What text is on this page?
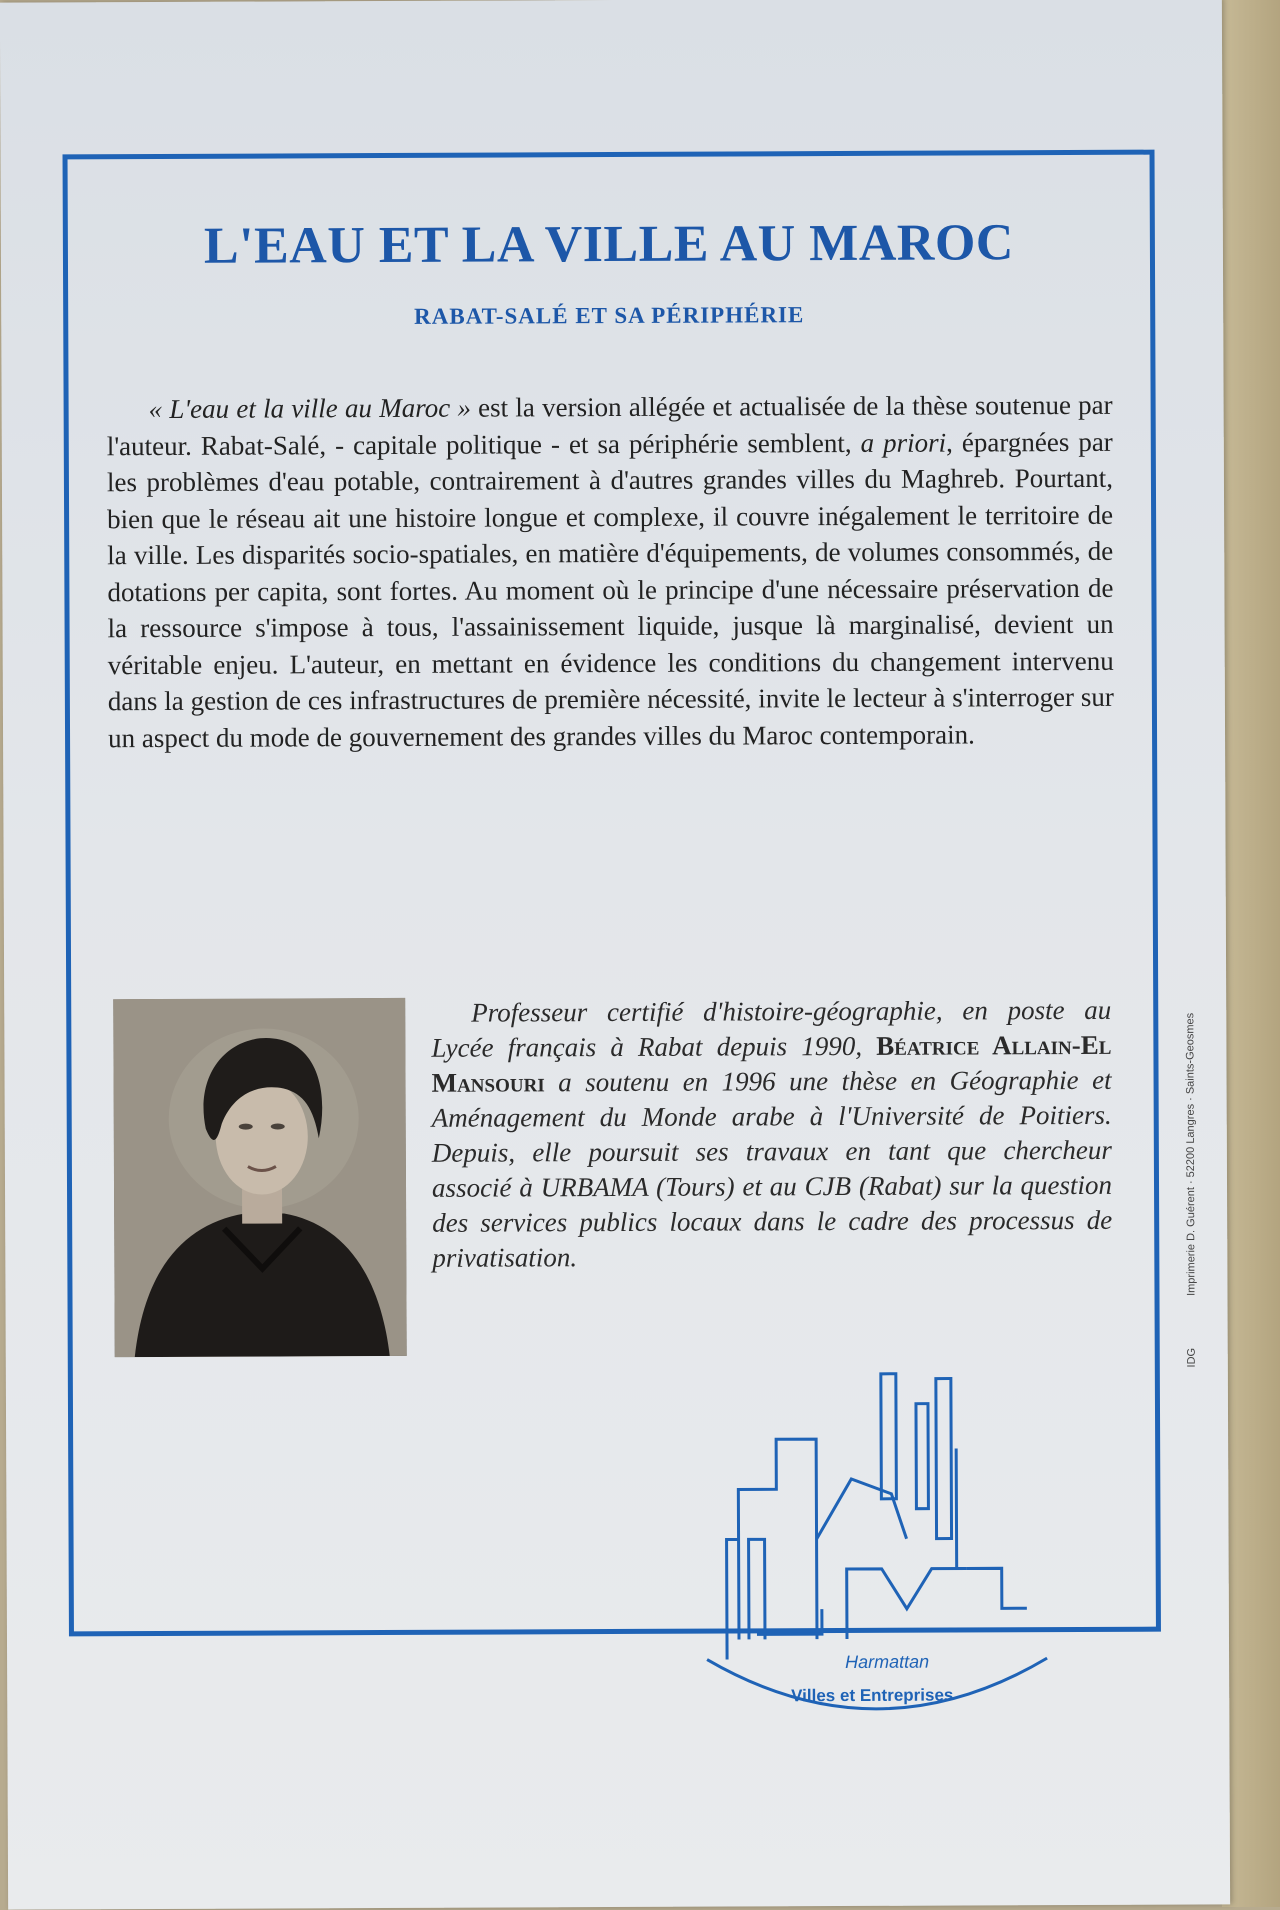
L'EAU ET LA VILLE AU MAROC
RABAT-SALÉ ET SA PÉRIPHÉRIE

« L'eau et la ville au Maroc » est la version allégée et actualisée de la thèse soutenue par l'auteur. Rabat-Salé, - capitale politique - et sa périphérie semblent, a priori, épargnées par les problèmes d'eau potable, contrairement à d'autres grandes villes du Maghreb. Pourtant, bien que le réseau ait une histoire longue et complexe, il couvre inégalement le territoire de la ville. Les disparités socio-spatiales, en matière d'équipements, de volumes consommés, de dotations per capita, sont fortes. Au moment où le principe d'une nécessaire préservation de la ressource s'impose à tous, l'assainissement liquide, jusque là marginalisé, devient un véritable enjeu. L'auteur, en mettant en évidence les conditions du changement intervenu dans la gestion de ces infrastructures de première nécessité, invite le lecteur à s'interroger sur un aspect du mode de gouvernement des grandes villes du Maroc contemporain.

Professeur certifié d'histoire-géographie, en poste au Lycée français à Rabat depuis 1990, Béatrice Allain-El Mansouri a soutenu en 1996 une thèse en Géographie et Aménagement du Monde arabe à l'Université de Poitiers. Depuis, elle poursuit ses travaux en tant que chercheur associé à URBAMA (Tours) et au CJB (Rabat) sur la question des services publics locaux dans le cadre des processus de privatisation.

Harmattan
Villes et Entreprises
IDGImprimerie D. Guérent · 52200 Langres · Saints-Geosmes
